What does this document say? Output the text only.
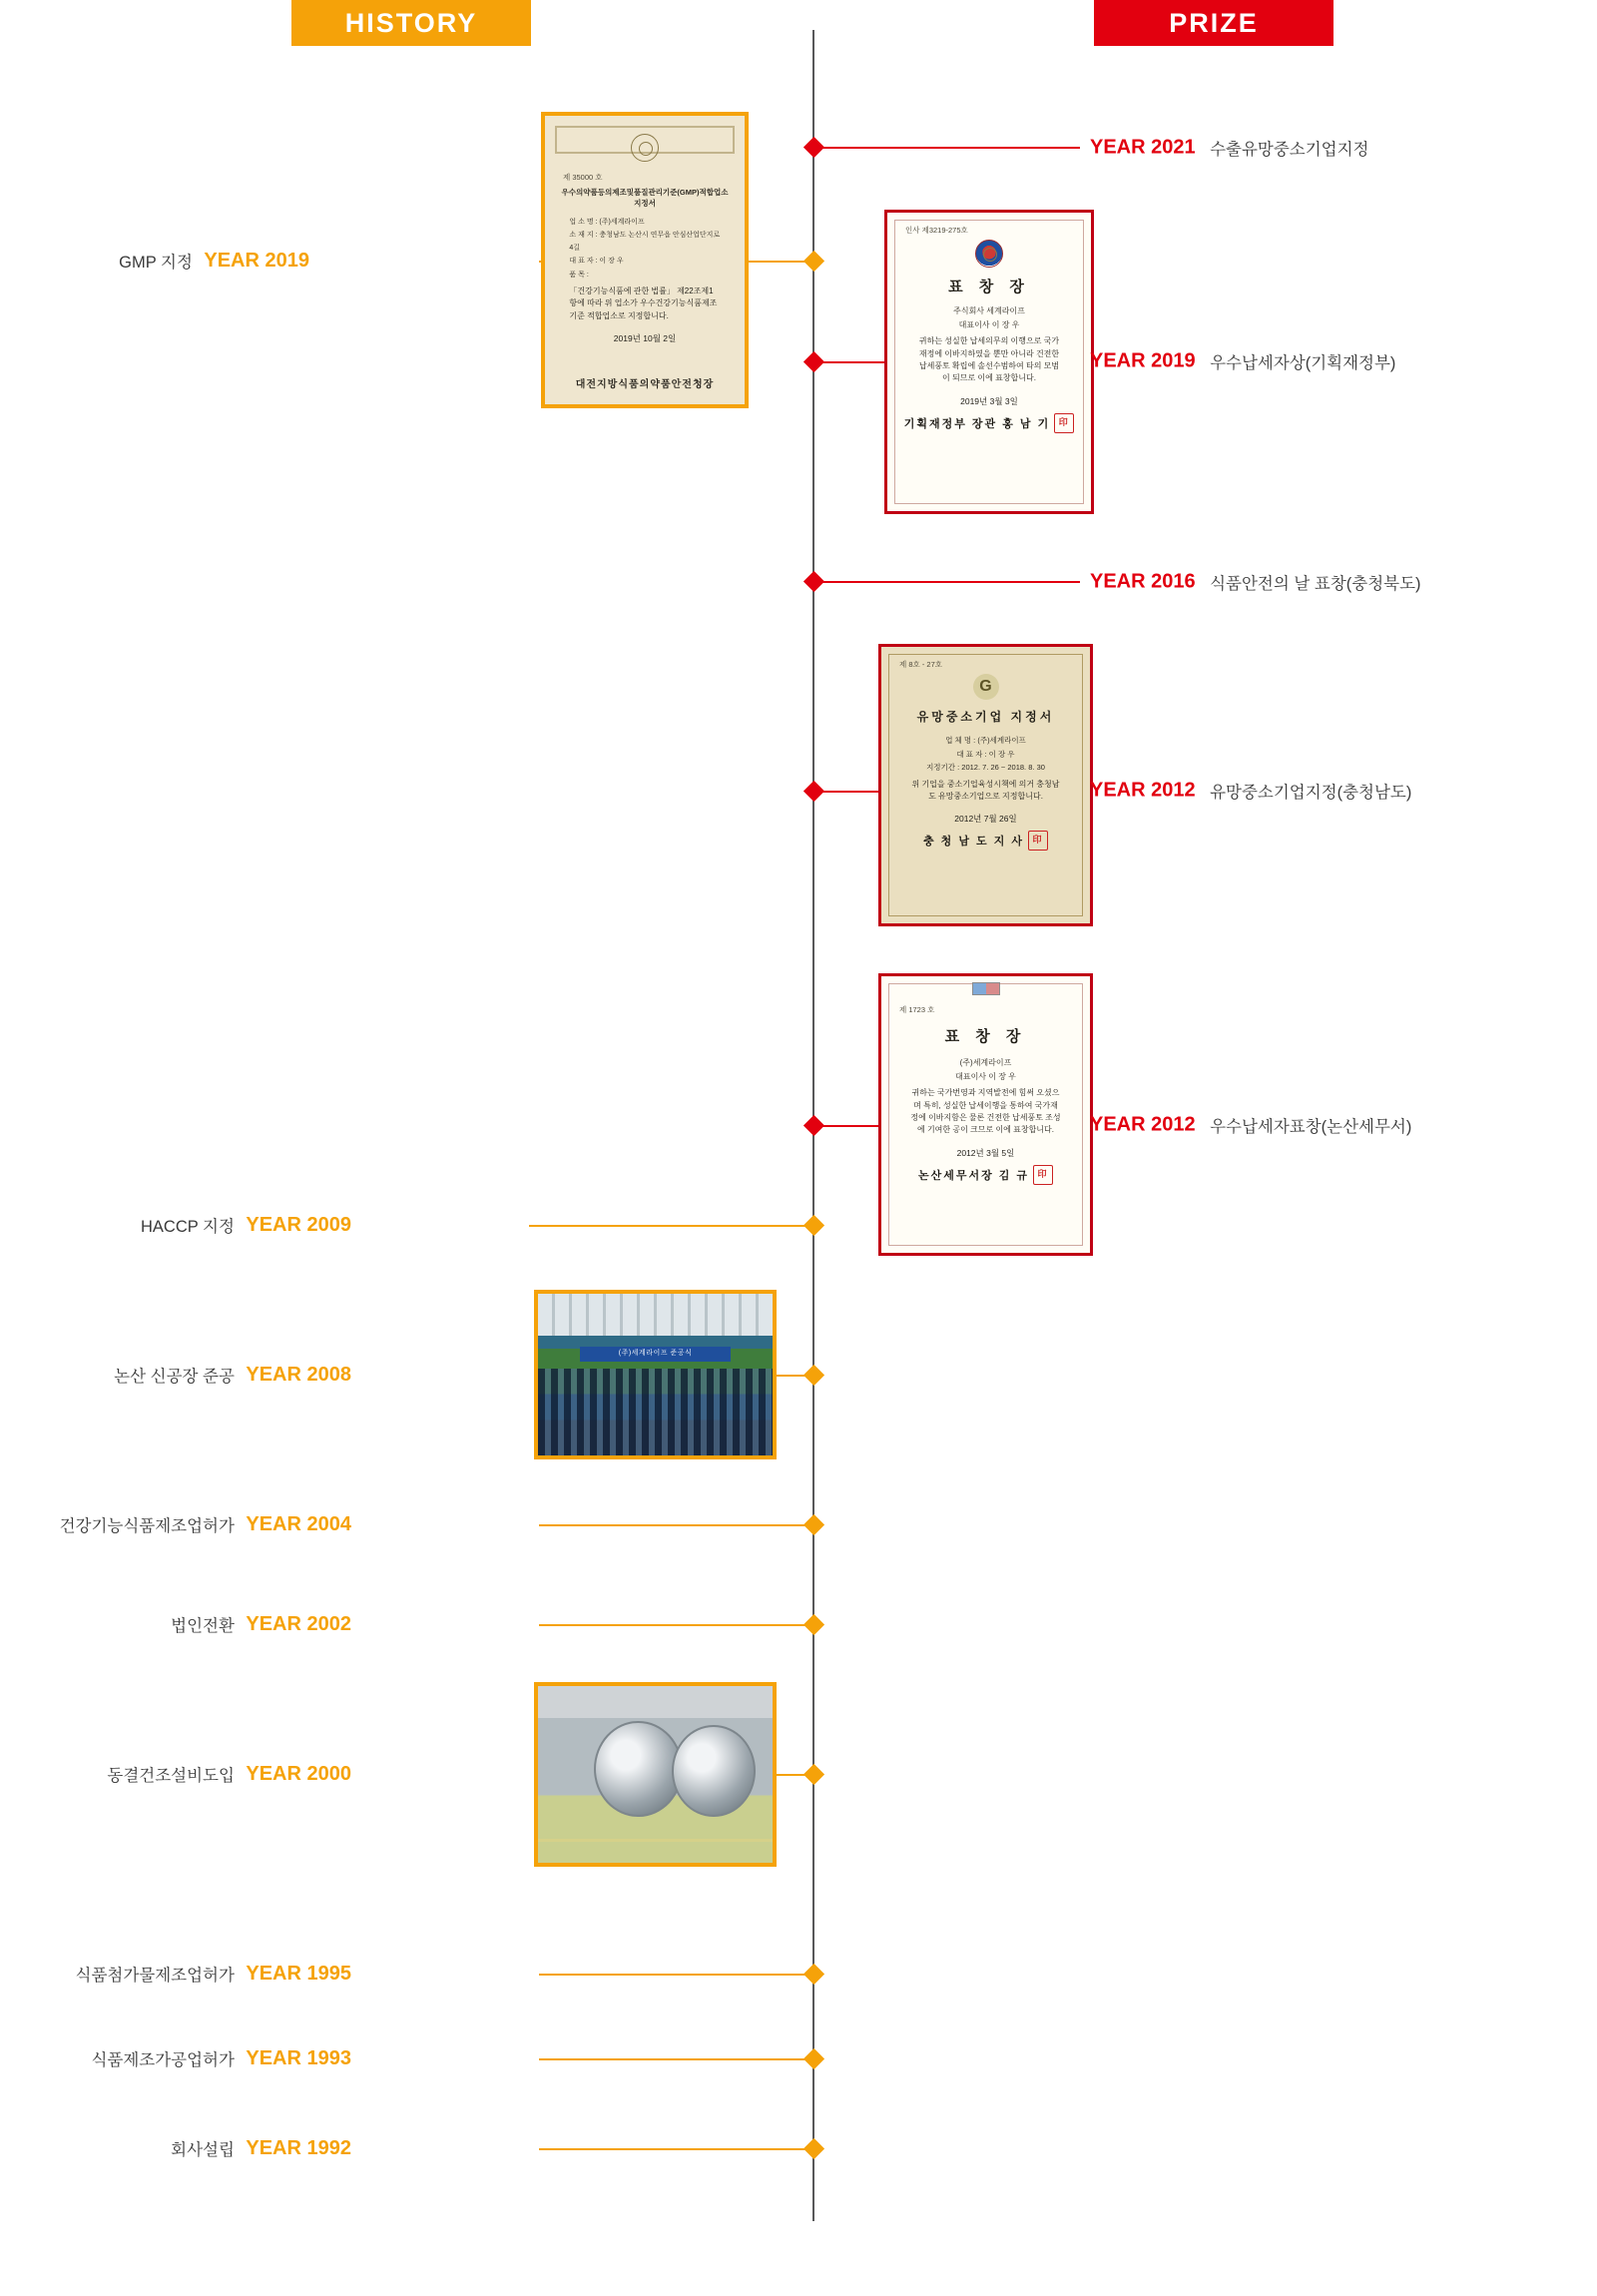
HISTORY	PRIZE
YEAR 2021 수출유망중소기업지정
인사 제3219-275호
표 창 장
주식회사 세계라이프
대표이사 이 장 우
귀하는 성실한 납세의무의 이행으로 국가재정에 이바지하였을 뿐만 아니라 건전한 납세풍토 확립에 솔선수범하여 타의 모범이 되므로 이에 표창합니다.
2019년 3월 3일
기획재정부 장관 홍 남 기 印
YEAR 2019 우수납세자상(기획재정부)
YEAR 2016 식품안전의 날 표창(충청북도)
제 8호 - 27호
G
유망중소기업 지정서
업 체 명 : (주)세계라이프
대 표 자 : 이 장 우
지정기간 : 2012. 7. 26 ~ 2018. 8. 30
위 기업을 중소기업육성시책에 의거 충청남도 유망중소기업으로 지정합니다.
2012년 7월 26일
충 청 남 도 지 사 印
YEAR 2012 유망중소기업지정(충청남도)
제 1723 호
표 창 장
(주)세계라이프
대표이사 이 장 우
귀하는 국가번영과 지역발전에 힘써 오셨으며 특히, 성실한 납세이행을 통하여 국가재정에 이바지함은 물론 건전한 납세풍토 조성에 기여한 공이 크므로 이에 표창합니다.
2012년 3월 5일
논산세무서장 김 규 印
YEAR 2012 우수납세자표창(논산세무서)
제 35000 호
우수의약품등의제조및품질관리기준(GMP)적합업소 지정서
업 소 명 : (주)세계라이프
소 재 지 : 충청남도 논산시 연무읍 안심산업단지로 4길
대 표 자 : 이 장 우
품 목 :
「건강기능식품에 관한 법률」 제22조제1항에 따라 위 업소가 우수건강기능식품제조기준 적합업소로 지정합니다.
2019년 10월 2일
대전지방식품의약품안전청장
GMP 지정 YEAR 2019
HACCP 지정 YEAR 2009
(주)세계라이프 준공식
논산 신공장 준공 YEAR 2008
건강기능식품제조업허가 YEAR 2004
법인전환 YEAR 2002
동결건조설비도입 YEAR 2000
식품첨가물제조업허가 YEAR 1995
식품제조가공업허가 YEAR 1993
회사설립 YEAR 1992
